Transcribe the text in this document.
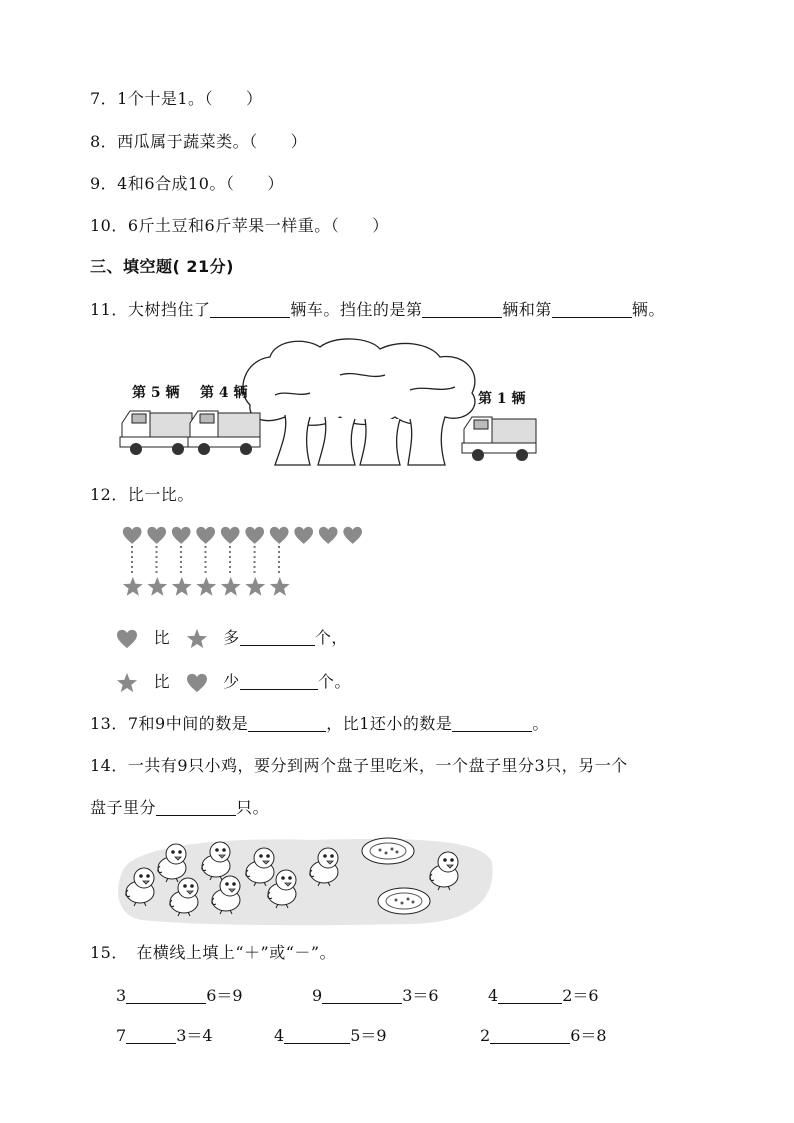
7．1个十是1。（　　）
8．西瓜属于蔬菜类。（　　）
9．4和6合成10。（　　）
10．6斤土豆和6斤苹果一样重。（　　）
三、填空题( 21分)
11．大树挡住了	辆车。挡住的是第	辆和第	辆。
第 5 辆 第 4 辆	第 1 辆
12．比一比。
比	多	个，
比	少	个。
13．7和9中间的数是	，比1还小的数是	。
14．一共有9只小鸡，要分到两个盘子里吃米，一个盘子里分3只，另一个
盘子里分	只。
15．　在横线上填上“＋”或“－”。
3	6＝9	9	3＝6	4	2＝6
7	3＝4	4	5＝9	2	6＝8
